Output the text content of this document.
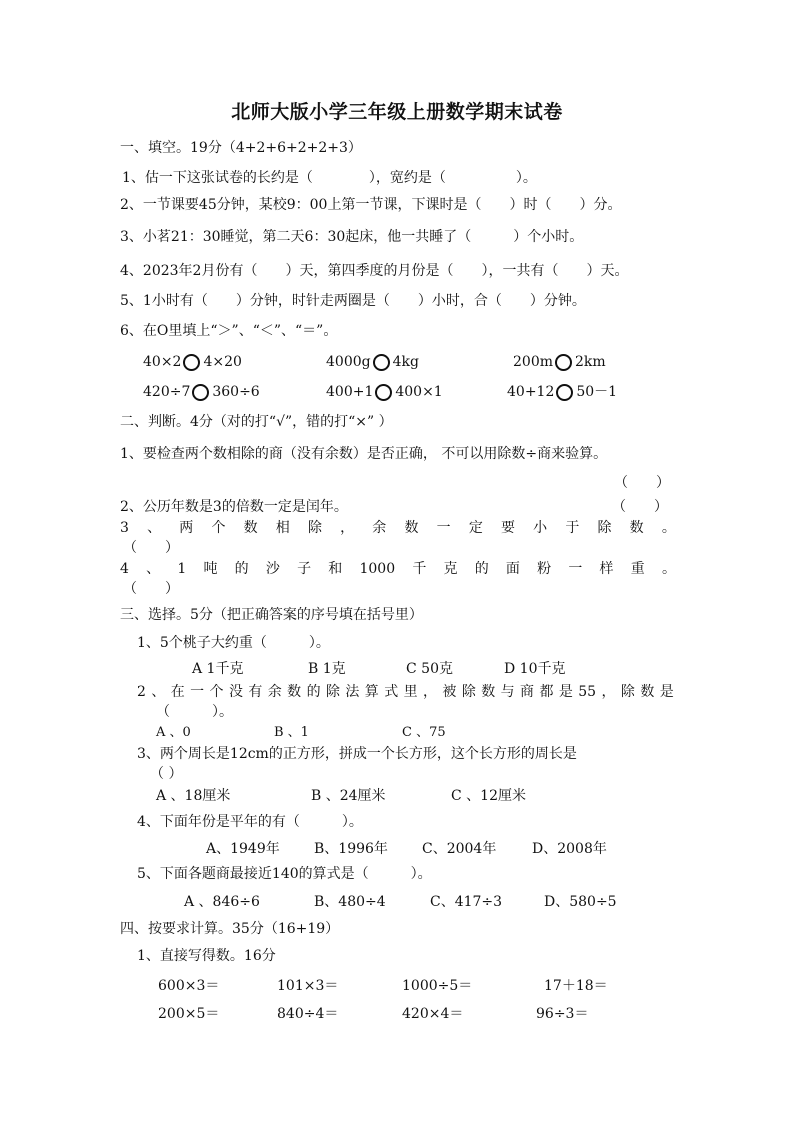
北师大版小学三年级上册数学期末试卷
一、填空。19分（4+2+6+2+2+3）
1、估一下这张试卷的长约是（　　　　），宽约是（　　　　　）。
2、一节课要45分钟，某校9：00上第一节课，下课时是（　　）时（　　）分。
3、小茗21：30睡觉，第二天6：30起床，他一共睡了（　　　）个小时。
4、2023年2月份有（　　）天，第四季度的月份是（　　），一共有（　　）天。
5、1小时有（　　）分钟，时针走两圈是（　　）小时，合（　　）分钟。
6、在O里填上“＞”、“＜”、“＝”。
40×2 4×20	4000g 4kg	200m 2km
420÷7 360÷6	400+1 400×1	40+12 50－1
二、判断。4分（对的打“√”，错的打“×” ）
1、要检查两个数相除的商（没有余数）是否正确， 不可以用除数÷商来验算。
（　　）
2、公历年数是3的倍数一定是闰年。	（　　）
3 、 两 个 数 相 除 ， 余 数 一 定 要 小 于 除 数 。
（　　）
4 、 1 吨 的 沙 子 和 1000 千 克 的 面 粉 一 样 重 。
（　　）
三、选择。5分（把正确答案的序号填在括号里）
1、5个桃子大约重（　　　）。
A 1千克	B 1克	C 50克	D 10千克
2 、 在 一 个 没 有 余 数 的 除 法 算 式 里 ， 被 除 数 与 商 都 是 55 ， 除 数 是
（　　　）。
A 、0	B 、1	C 、75
3、两个周长是12cm的正方形，拼成一个长方形，这个长方形的周长是
（ ）
A 、18厘米	B 、24厘米	C 、12厘米
4、下面年份是平年的有（　　　）。
A、1949年 B、1996年 C、2004年	D、2008年
5、下面各题商最接近140的算式是（　　　）。
A 、846÷6	B、480÷4	C、417÷3	D、580÷5
四、按要求计算。35分（16+19）
1、直接写得数。16分
600×3＝	101×3＝	1000÷5＝	17＋18＝
200×5＝	840÷4＝	420×4＝	96÷3＝
